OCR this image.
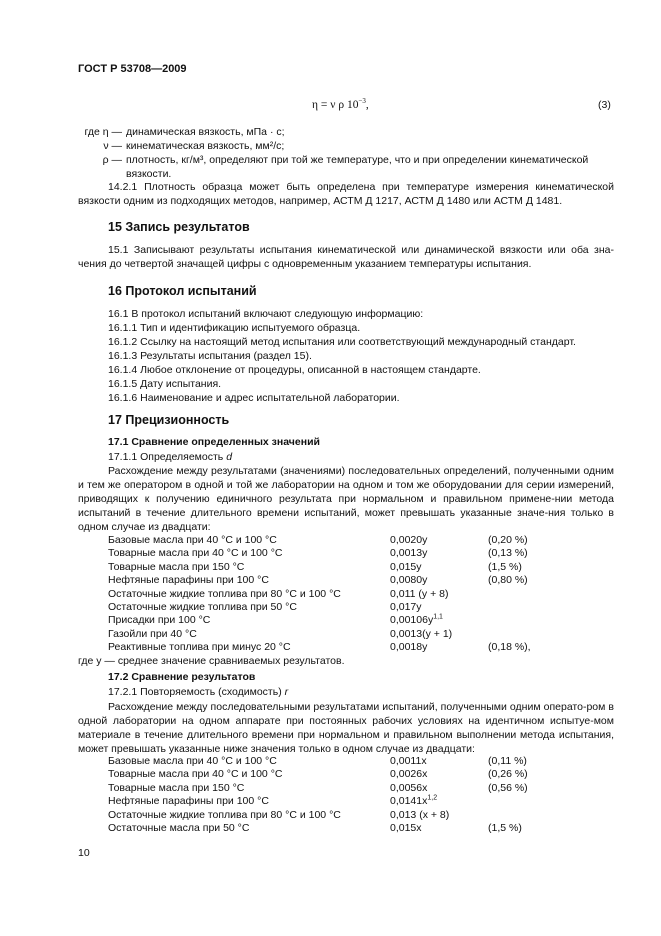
ГОСТ Р 53708—2009
η = ν ρ $10^{-3}$,	(3)
где η — динамическая вязкость, мПа · с;
ν — кинематическая вязкость, мм²/с;
ρ — плотность, кг/м³, определяют при той же температуре, что и при определении кинематической
вязкости.
14.2.1 Плотность образца может быть определена при температуре измерения кинематической вязкости одним из подходящих методов, например, АСТМ Д 1217, АСТМ Д 1480 или АСТМ Д 1481.
15 Запись результатов
15.1 Записывают результаты испытания кинематической или динамической вязкости или оба зна-чения до четвертой значащей цифры с одновременным указанием температуры испытания.
16 Протокол испытаний
16.1 В протокол испытаний включают следующую информацию:
16.1.1 Тип и идентификацию испытуемого образца.
16.1.2 Ссылку на настоящий метод испытания или соответствующий международный стандарт.
16.1.3 Результаты испытания (раздел 15).
16.1.4 Любое отклонение от процедуры, описанной в настоящем стандарте.
16.1.5 Дату испытания.
16.1.6 Наименование и адрес испытательной лаборатории.
17 Прецизионность
17.1 Сравнение определенных значений
17.1.1 Определяемость d
Расхождение между результатами (значениями) последовательных определений, полученными одним и тем же оператором в одной и той же лаборатории на одном и том же оборудовании для серии измерений, приводящих к получению единичного результата при нормальном и правильном примене-нии метода испытаний в течение длительного времени испытаний, может превышать указанные значе-ния только в одном случае из двадцати:
Базовые масла при 40 °С и 100 °С	0,0020y	(0,20 %)
Товарные масла при 40 °С и 100 °С	0,0013y	(0,13 %)
Товарные масла при 150 °С	0,015y	(1,5 %)
Нефтяные парафины при 100 °С	0,0080y	(0,80 %)
Остаточные жидкие топлива при 80 °С и 100 °С	0,011 (y + 8)	
Остаточные жидкие топлива при 50 °С	0,017y	
Присадки при 100 °С	$0,00106y^{1,1}$	
Газойли при 40 °С	0,0013(y + 1)	
Реактивные топлива при минус 20 °С	0,0018y	(0,18 %),
где y — среднее значение сравниваемых результатов.
17.2 Сравнение результатов
17.2.1 Повторяемость (сходимость) r
Расхождение между последовательными результатами испытаний, полученными одним операто-ром в одной лаборатории на одном аппарате при постоянных рабочих условиях на идентичном испытуе-мом материале в течение длительного времени при нормальном и правильном выполнении метода испытания, может превышать указанные ниже значения только в одном случае из двадцати:
Базовые масла при 40 °С и 100 °С	0,0011x	(0,11 %)
Товарные масла при 40 °С и 100 °С	0,0026x	(0,26 %)
Товарные масла при 150 °С	0,0056x	(0,56 %)
Нефтяные парафины при 100 °С	$0,0141x^{1,2}$	
Остаточные жидкие топлива при 80 °С и 100 °С	0,013 (x + 8)	
Остаточные масла при 50 °С	0,015x	(1,5 %)
10
